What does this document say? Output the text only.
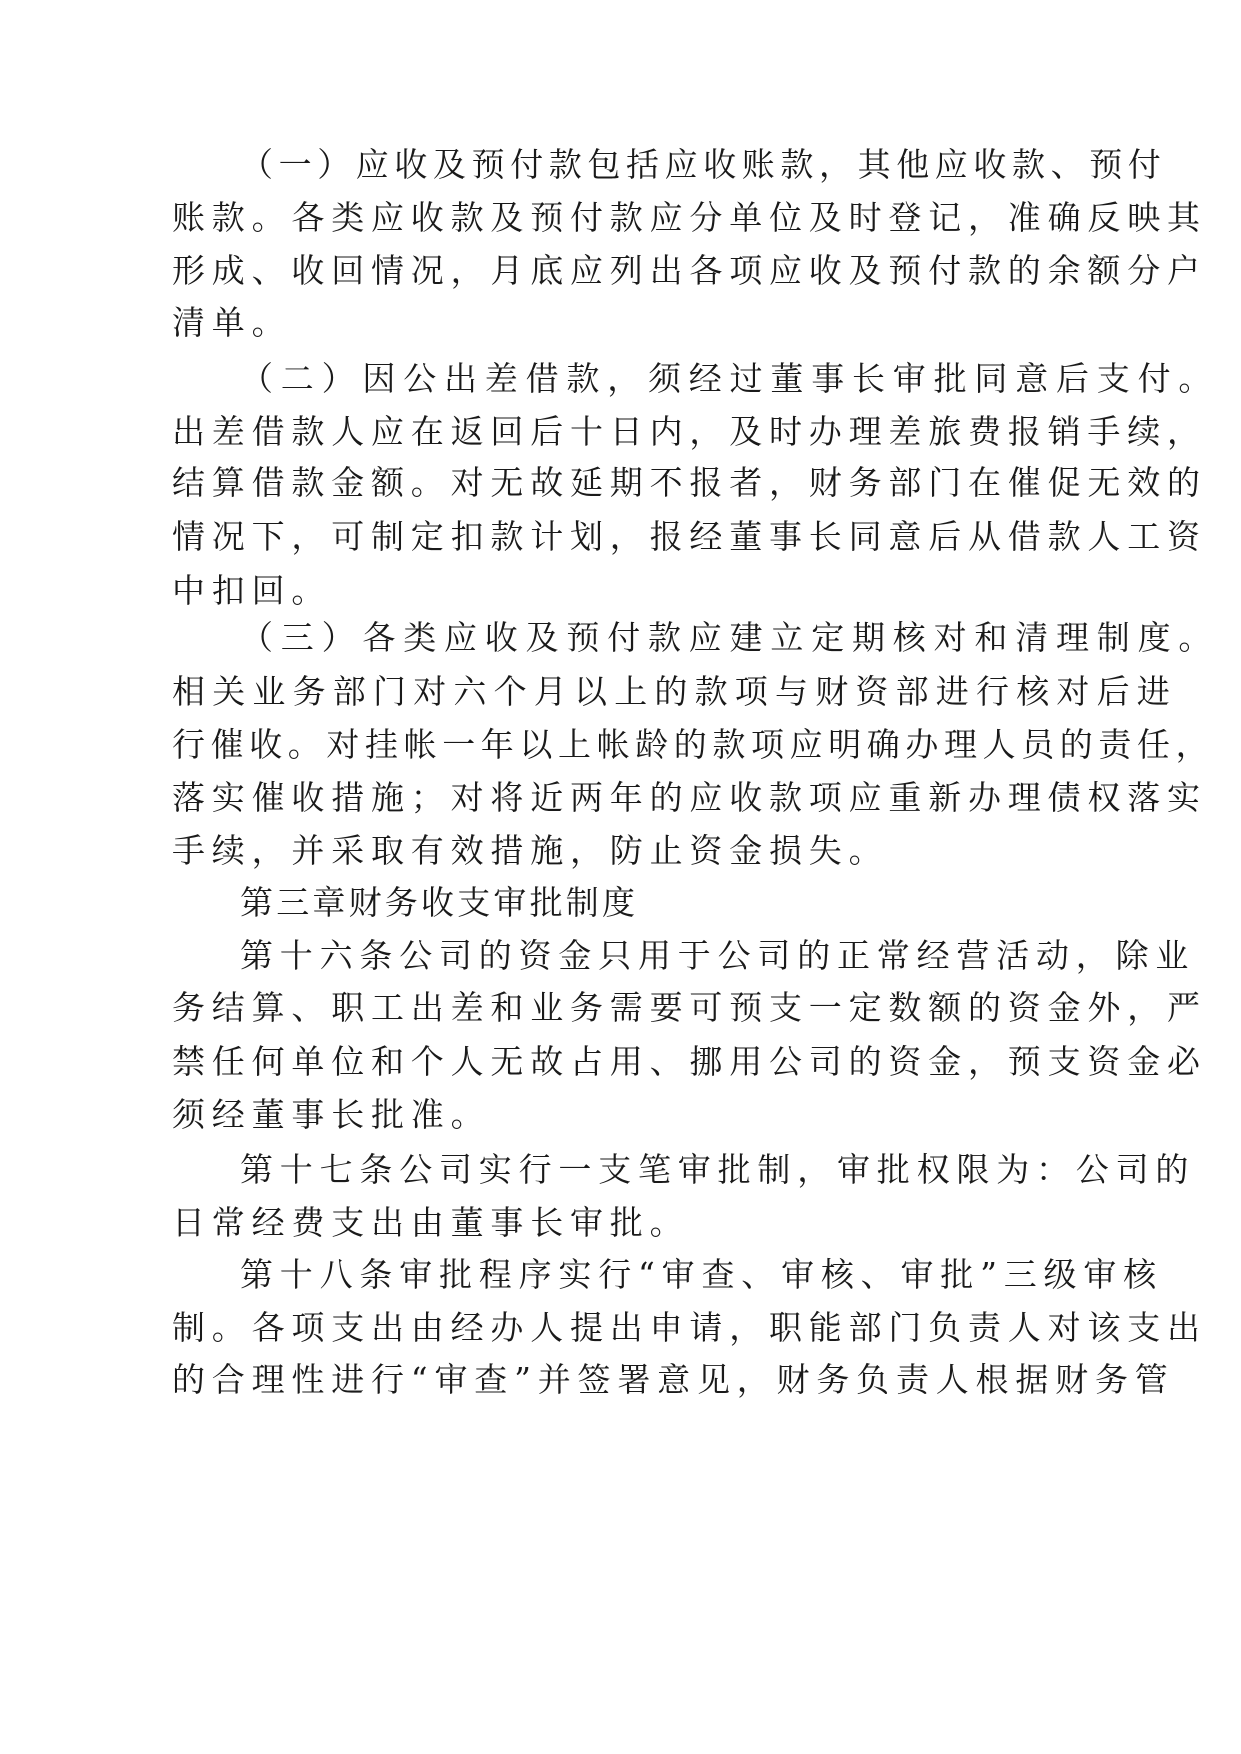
（一）应收及预付款包括应收账款，其他应收款、预付
账款。各类应收款及预付款应分单位及时登记，准确反映其
形成、收回情况，月底应列出各项应收及预付款的余额分户
清单。
（二）因公出差借款，须经过董事长审批同意后支付。
出差借款人应在返回后十日内，及时办理差旅费报销手续，
结算借款金额。对无故延期不报者，财务部门在催促无效的
情况下，可制定扣款计划，报经董事长同意后从借款人工资
中扣回。
（三）各类应收及预付款应建立定期核对和清理制度。
相关业务部门对六个月以上的款项与财资部进行核对后进
行催收。对挂帐一年以上帐龄的款项应明确办理人员的责任，
落实催收措施；对将近两年的应收款项应重新办理债权落实
手续，并采取有效措施，防止资金损失。
第三章财务收支审批制度
第十六条公司的资金只用于公司的正常经营活动，除业
务结算、职工出差和业务需要可预支一定数额的资金外，严
禁任何单位和个人无故占用、挪用公司的资金，预支资金必
须经董事长批准。
第十七条公司实行一支笔审批制，审批权限为：公司的
日常经费支出由董事长审批。
第十八条审批程序实行“审查、审核、审批”三级审核
制。各项支出由经办人提出申请，职能部门负责人对该支出
的合理性进行“审查”并签署意见，财务负责人根据财务管
